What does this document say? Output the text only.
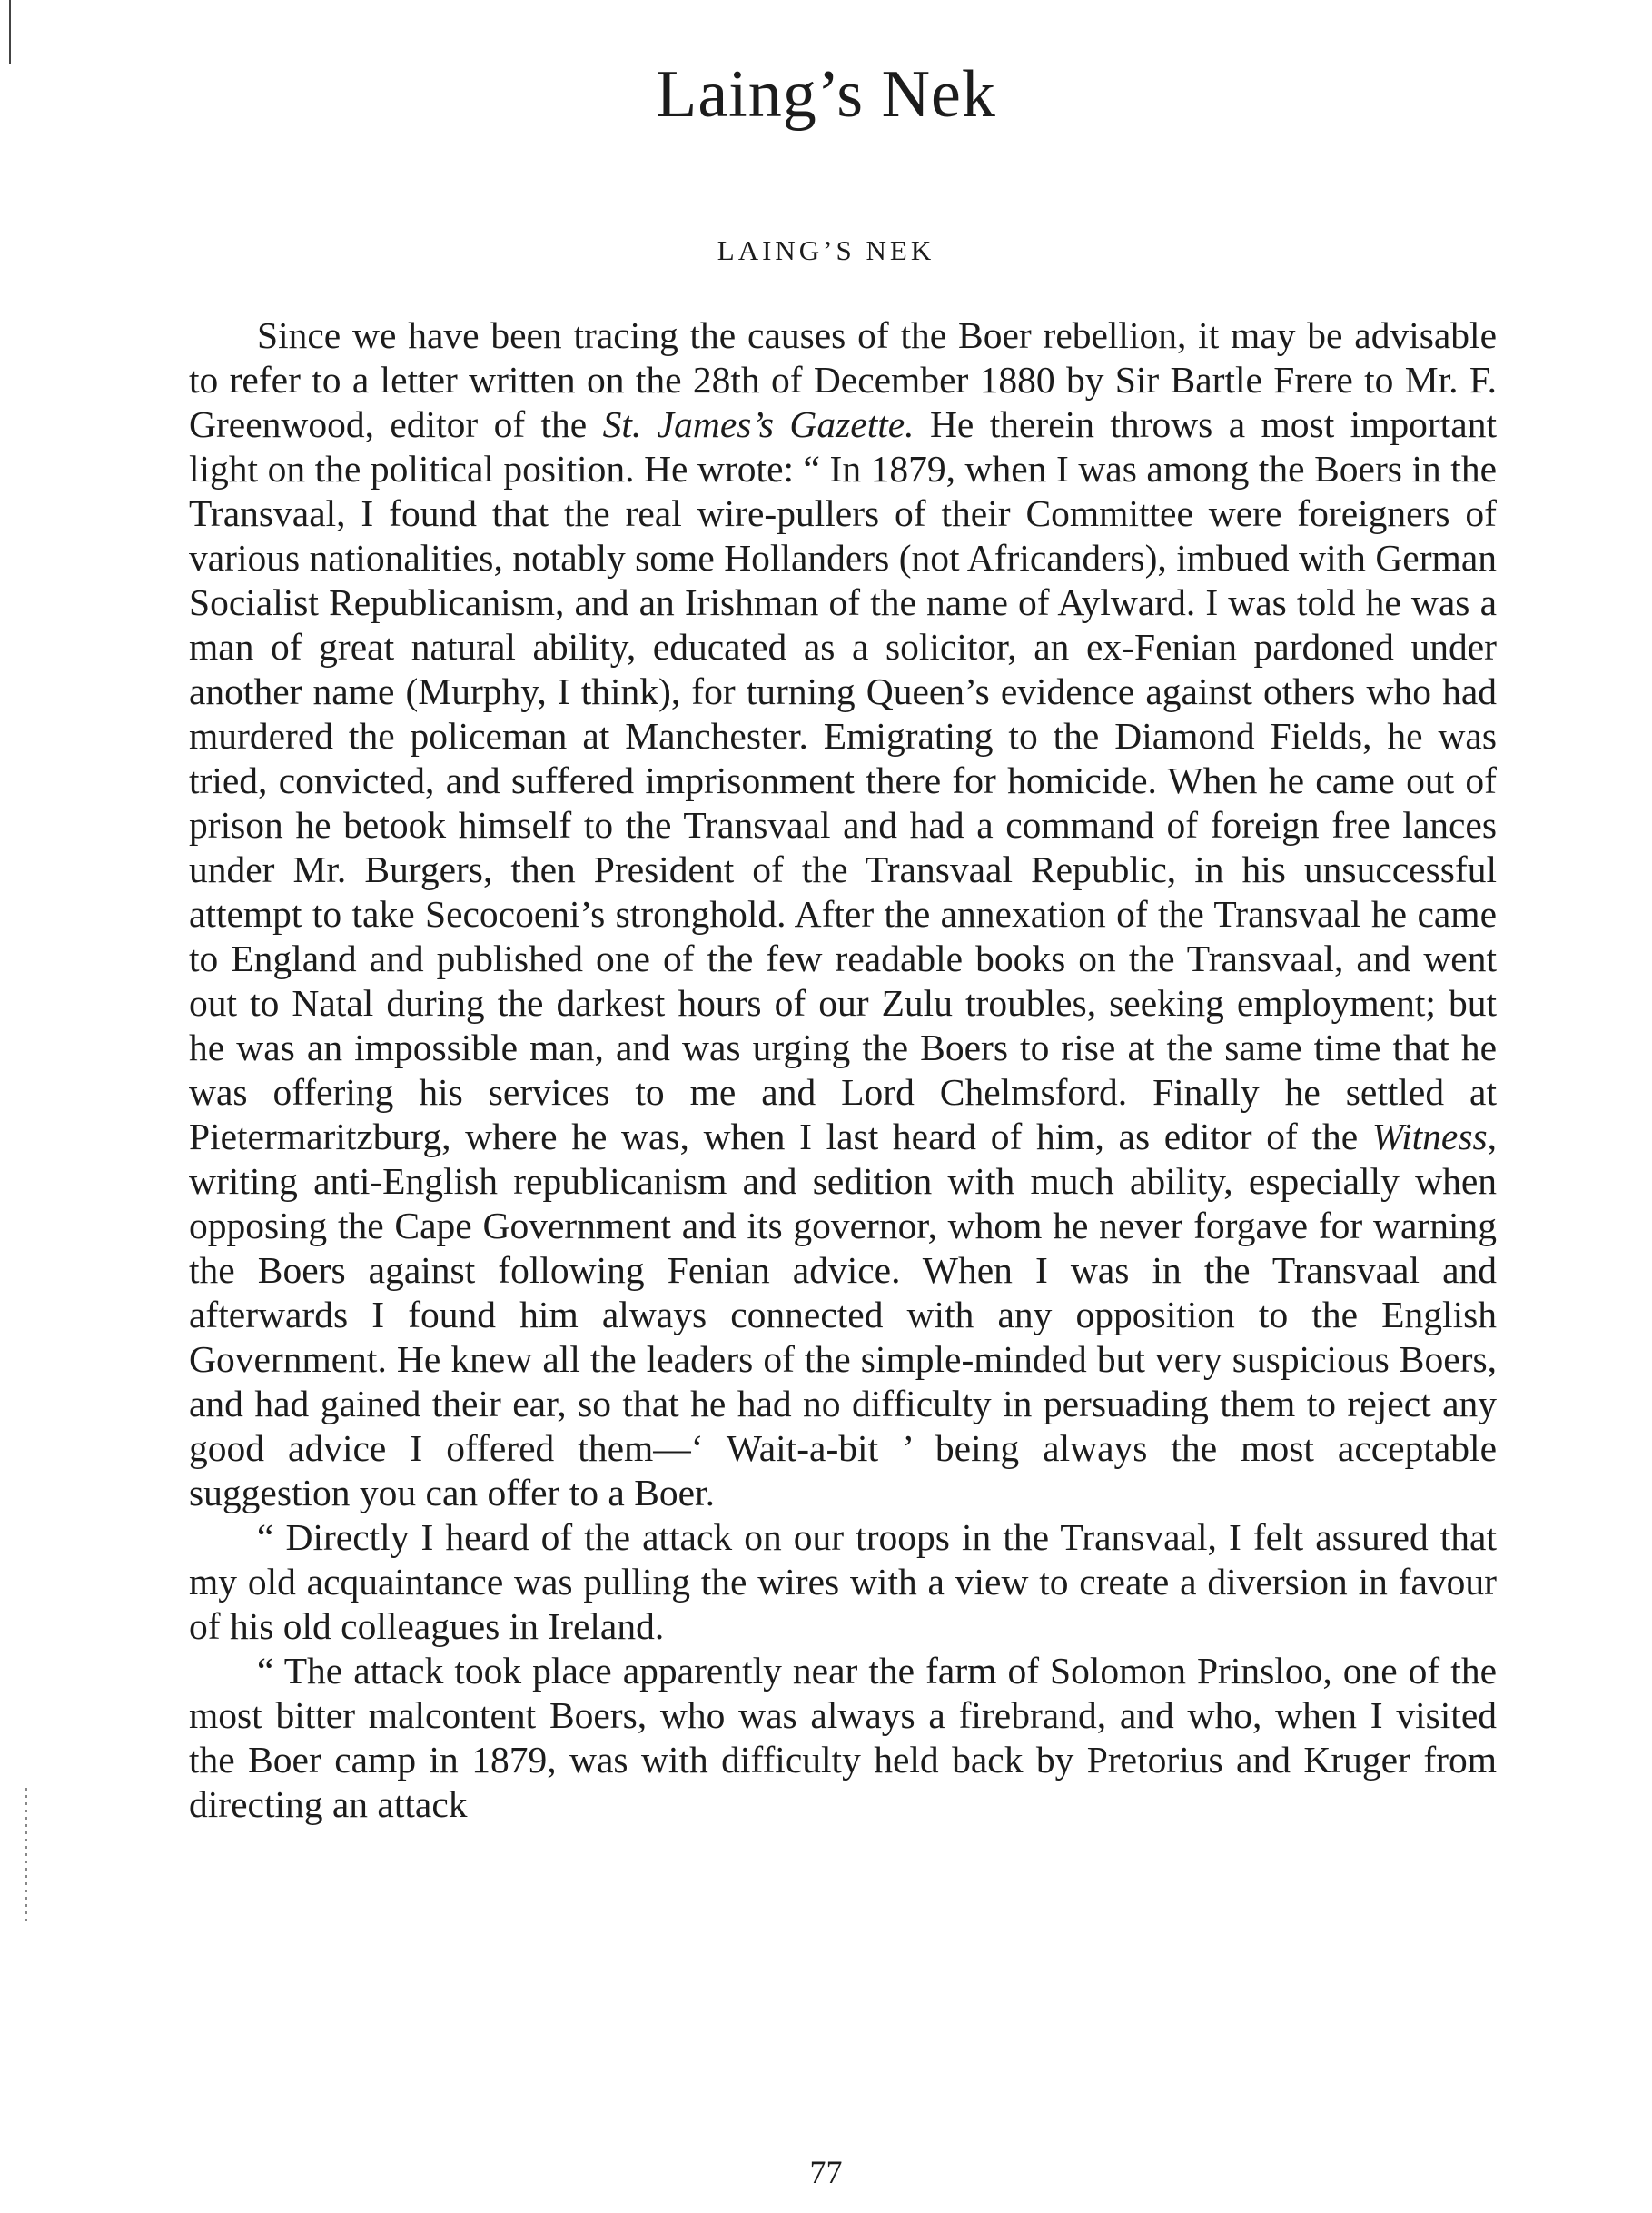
Laing’s Nek
LAING’S NEK

Since we have been tracing the causes of the Boer rebellion, it may be advisable to refer to a letter written on the 28th of December 1880 by Sir Bartle Frere to Mr. F. Greenwood, editor of the St. James’s Gazette. He therein throws a most important light on the political position. He wrote: “ In 1879, when I was among the Boers in the Transvaal, I found that the real wire-pullers of their Committee were foreigners of various nationalities, notably some Hollanders (not Africanders), imbued with German Socialist Republicanism, and an Irishman of the name of Aylward. I was told he was a man of great natural ability, educated as a solicitor, an ex-Fenian pardoned under another name (Murphy, I think), for turning Queen’s evidence against others who had murdered the policeman at Manchester. Emigrating to the Diamond Fields, he was tried, convicted, and suffered imprisonment there for homicide. When he came out of prison he betook himself to the Transvaal and had a command of foreign free lances under Mr. Burgers, then President of the Transvaal Republic, in his unsuccessful attempt to take Secocoeni’s stronghold. After the annexation of the Transvaal he came to England and published one of the few readable books on the Transvaal, and went out to Natal during the darkest hours of our Zulu troubles, seeking employment; but he was an impossible man, and was urging the Boers to rise at the same time that he was offering his services to me and Lord Chelmsford. Finally he settled at Pietermaritzburg, where he was, when I last heard of him, as editor of the Witness, writing anti-English republicanism and sedition with much ability, especially when opposing the Cape Government and its governor, whom he never forgave for warning the Boers against following Fenian advice. When I was in the Transvaal and afterwards I found him always connected with any opposition to the English Government. He knew all the leaders of the simple-minded but very suspicious Boers, and had gained their ear, so that he had no difficulty in persuading them to reject any good advice I offered them—‘ Wait-a-bit ’ being always the most acceptable suggestion you can offer to a Boer.

“ Directly I heard of the attack on our troops in the Transvaal, I felt assured that my old acquaintance was pulling the wires with a view to create a diversion in favour of his old colleagues in Ireland.

“ The attack took place apparently near the farm of Solomon Prinsloo, one of the most bitter malcontent Boers, who was always a firebrand, and who, when I visited the Boer camp in 1879, was with difficulty held back by Pretorius and Kruger from directing an attack

77
